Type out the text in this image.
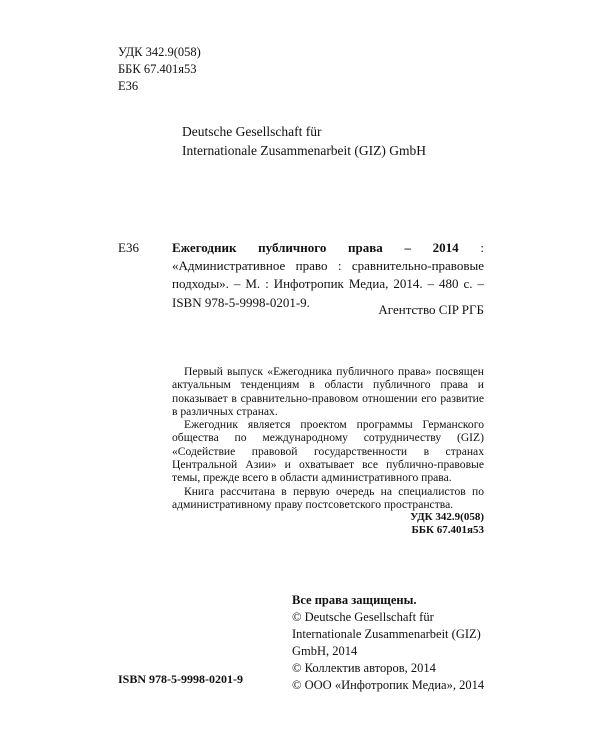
УДК 342.9(058)
ББК 67.401я53
Е36
Deutsche Gesellschaft für
Internationale Zusammenarbeit (GIZ) GmbH
Е36	Ежегодник публичного права – 2014 : «Административное право : сравнительно-правовые подходы». – М. : Инфотропик Медиа, 2014. – 480 с. – ISBN 978-5-9998-0201-9.	Агентство CIP РГБ

Первый выпуск «Ежегодника публичного права» посвящен актуальным тенденциям в области публичного права и показывает в сравнительно-правовом отношении его развитие в различных странах.

Ежегодник является проектом программы Германского общества по международному сотрудничеству (GIZ) «Содействие правовой государственности в странах Центральной Азии» и охватывает все публично-правовые темы, прежде всего в области административного права.

Книга рассчитана в первую очередь на специалистов по административному праву постсоветского пространства.

УДК 342.9(058)
ББК 67.401я53
ISBN 978-5-9998-0201-9
Все права защищены.
© Deutsche Gesellschaft für
Internationale Zusammenarbeit (GIZ)
GmbH, 2014
© Коллектив авторов, 2014
© ООО «Инфотропик Медиа», 2014
